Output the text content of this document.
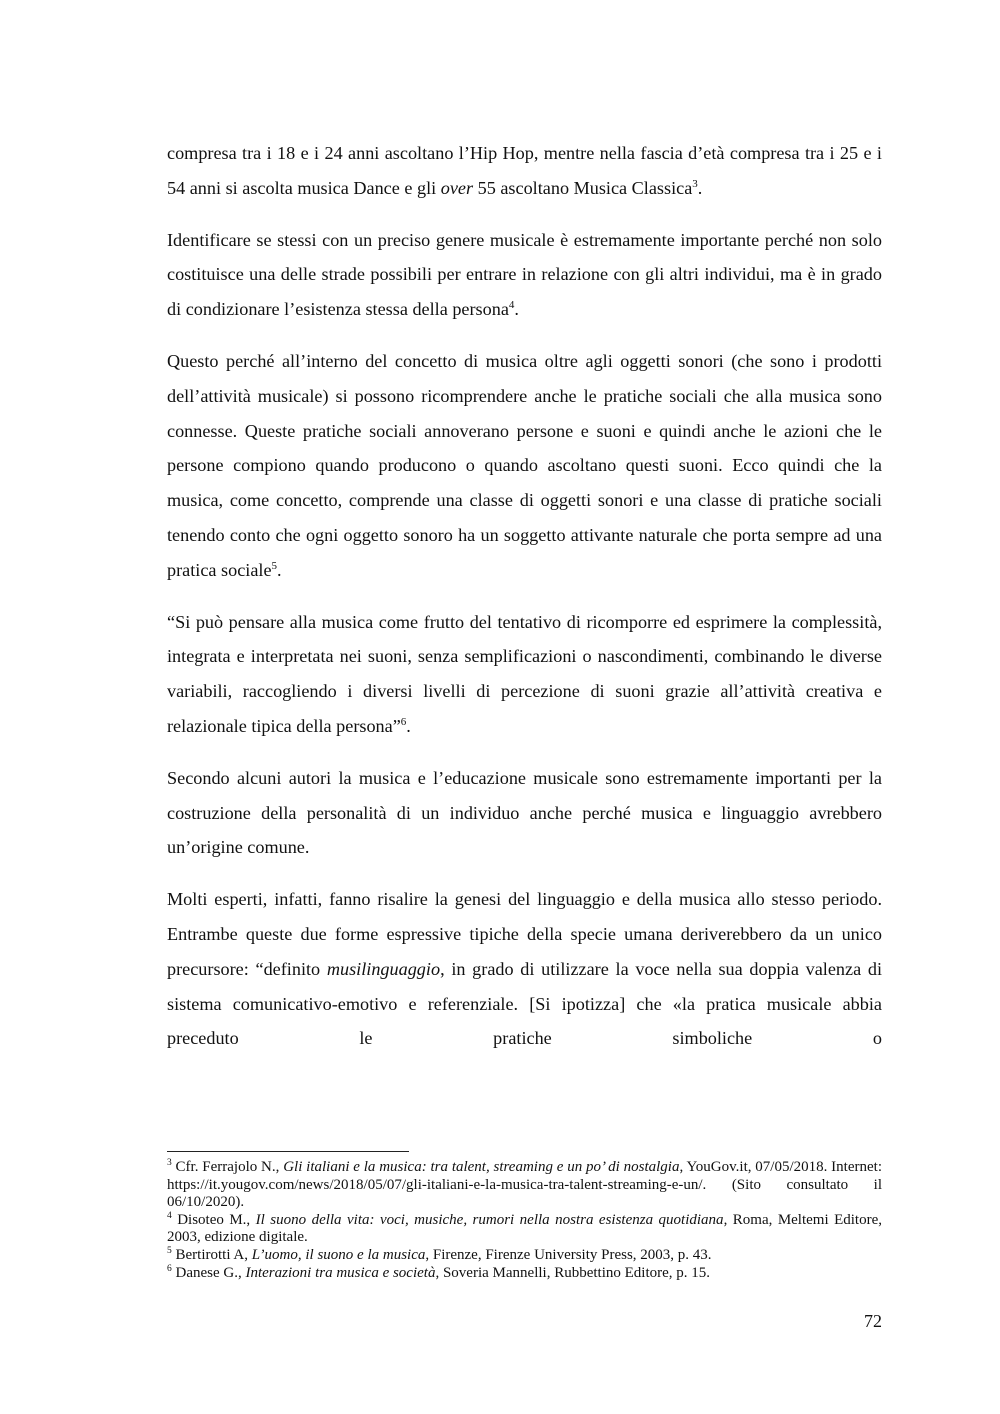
compresa tra i 18 e i 24 anni ascoltano l’Hip Hop, mentre nella fascia d’età compresa tra i 25 e i 54 anni si ascolta musica Dance e gli over 55 ascoltano Musica Classica$^3$.

Identificare se stessi con un preciso genere musicale è estremamente importante perché non solo costituisce una delle strade possibili per entrare in relazione con gli altri individui, ma è in grado di condizionare l’esistenza stessa della persona$^4$.

Questo perché all’interno del concetto di musica oltre agli oggetti sonori (che sono i prodotti dell’attività musicale) si possono ricomprendere anche le pratiche sociali che alla musica sono connesse. Queste pratiche sociali annoverano persone e suoni e quindi anche le azioni che le persone compiono quando producono o quando ascoltano questi suoni. Ecco quindi che la musica, come concetto, comprende una classe di oggetti sonori e una classe di pratiche sociali tenendo conto che ogni oggetto sonoro ha un soggetto attivante naturale che porta sempre ad una pratica sociale$^5$.

“Si può pensare alla musica come frutto del tentativo di ricomporre ed esprimere la complessità, integrata e interpretata nei suoni, senza semplificazioni o nascondimenti, combinando le diverse variabili, raccogliendo i diversi livelli di percezione di suoni grazie all’attività creativa e relazionale tipica della persona”$^6$.

Secondo alcuni autori la musica e l’educazione musicale sono estremamente importanti per la costruzione della personalità di un individuo anche perché musica e linguaggio avrebbero un’origine comune.

Molti esperti, infatti, fanno risalire la genesi del linguaggio e della musica allo stesso periodo. Entrambe queste due forme espressive tipiche della specie umana deriverebbero da un unico precursore: “definito musilinguaggio, in grado di utilizzare la voce nella sua doppia valenza di sistema comunicativo-emotivo e referenziale. [Si ipotizza] che «la pratica musicale abbia preceduto le pratiche simboliche o

$^3$ Cfr. Ferrajolo N., Gli italiani e la musica: tra talent, streaming e un po’ di nostalgia, YouGov.it, 07/05/2018. Internet: https://it.yougov.com/news/2018/05/07/gli-italiani-e-la-musica-tra-talent-streaming-e-un/. (Sito consultato il 06/10/2020).

$^4$ Disoteo M., Il suono della vita: voci, musiche, rumori nella nostra esistenza quotidiana, Roma, Meltemi Editore, 2003, edizione digitale.

$^5$ Bertirotti A, L’uomo, il suono e la musica, Firenze, Firenze University Press, 2003, p. 43.

$^6$ Danese G., Interazioni tra musica e società, Soveria Mannelli, Rubbettino Editore, p. 15.

72
